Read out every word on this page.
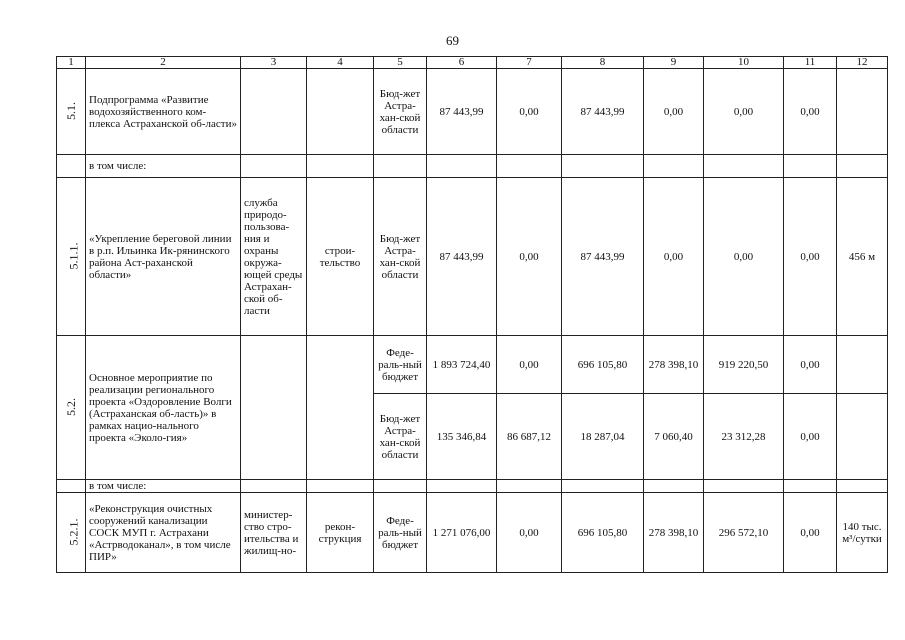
69
1	2	3	4	5	6	7	8	9	10	11	12
5.1.	Подпрограмма «Развитие водохозяйственного ком-плекса Астраханской об-ласти»			Бюд-жет Астра-хан-ской области	87 443,99	0,00	87 443,99	0,00	0,00	0,00	
	в том числе:										
5.1.1.	«Укрепление береговой линии в р.п. Ильинка Ик-рянинского района Аст-раханской области»	служба природо-пользова-ния и охраны окружа-ющей среды Астрахан-ской об-ласти	строи-тельство	Бюд-жет Астра-хан-ской области	87 443,99	0,00	87 443,99	0,00	0,00	0,00	456 м
5.2.	Основное мероприятие по реализации регионального проекта «Оздоровление Волги (Астраханская об-ласть)» в рамках нацио-нального проекта «Эколо-гия»			Феде-раль-ный бюджет	1 893 724,40	0,00	696 105,80	278 398,10	919 220,50	0,00	
				Бюд-жет Астра-хан-ской области	135 346,84	86 687,12	18 287,04	7 060,40	23 312,28	0,00	
	в том числе:										
5.2.1.	«Реконструкция очистных сооружений канализации СОСК МУП г. Астрахани «Астрводоканал», в том числе ПИР»	министер-ство стро-ительства и жилищ-но-	рекон-струкция	Феде-раль-ный бюджет	1 271 076,00	0,00	696 105,80	278 398,10	296 572,10	0,00	140 тыс. м³/сутки
